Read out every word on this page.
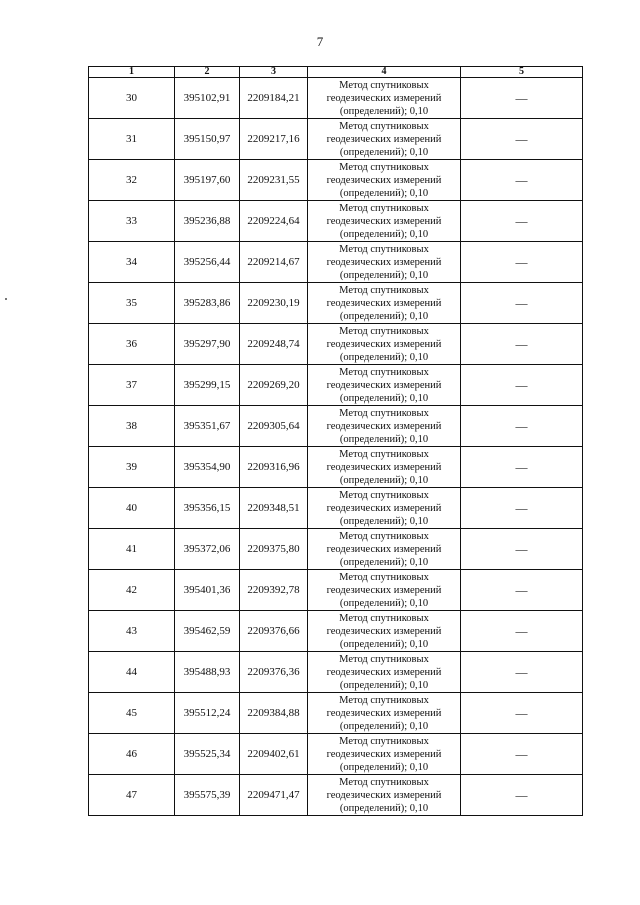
7
1	2	3	4	5
30	395102,91	2209184,21	Метод спутниковых
геодезических измерений
(определений); 0,10	—
31	395150,97	2209217,16	Метод спутниковых
геодезических измерений
(определений); 0,10	—
32	395197,60	2209231,55	Метод спутниковых
геодезических измерений
(определений); 0,10	—
33	395236,88	2209224,64	Метод спутниковых
геодезических измерений
(определений); 0,10	—
34	395256,44	2209214,67	Метод спутниковых
геодезических измерений
(определений); 0,10	—
35	395283,86	2209230,19	Метод спутниковых
геодезических измерений
(определений); 0,10	—
36	395297,90	2209248,74	Метод спутниковых
геодезических измерений
(определений); 0,10	—
37	395299,15	2209269,20	Метод спутниковых
геодезических измерений
(определений); 0,10	—
38	395351,67	2209305,64	Метод спутниковых
геодезических измерений
(определений); 0,10	—
39	395354,90	2209316,96	Метод спутниковых
геодезических измерений
(определений); 0,10	—
40	395356,15	2209348,51	Метод спутниковых
геодезических измерений
(определений); 0,10	—
41	395372,06	2209375,80	Метод спутниковых
геодезических измерений
(определений); 0,10	—
42	395401,36	2209392,78	Метод спутниковых
геодезических измерений
(определений); 0,10	—
43	395462,59	2209376,66	Метод спутниковых
геодезических измерений
(определений); 0,10	—
44	395488,93	2209376,36	Метод спутниковых
геодезических измерений
(определений); 0,10	—
45	395512,24	2209384,88	Метод спутниковых
геодезических измерений
(определений); 0,10	—
46	395525,34	2209402,61	Метод спутниковых
геодезических измерений
(определений); 0,10	—
47	395575,39	2209471,47	Метод спутниковых
геодезических измерений
(определений); 0,10	—
